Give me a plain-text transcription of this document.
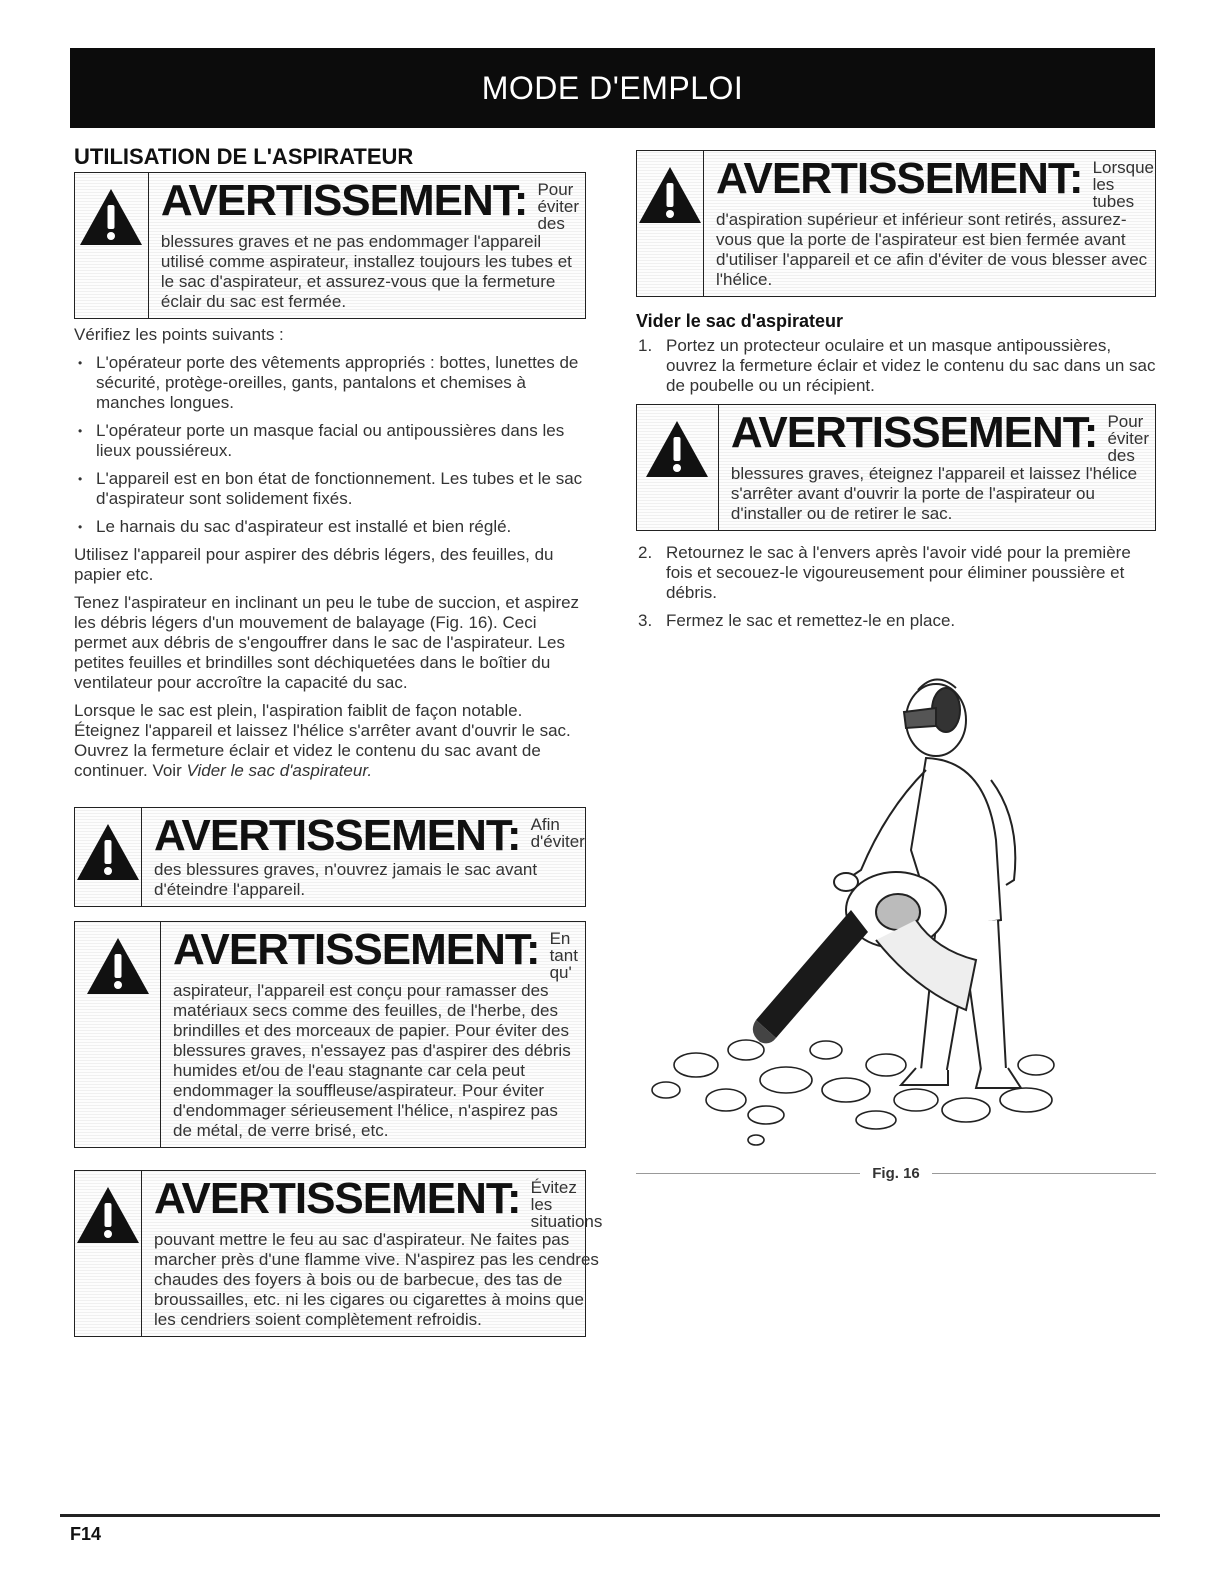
MODE D'EMPLOI
UTILISATION DE L'ASPIRATEUR
AVERTISSEMENT: Pour éviter des
blessures graves et ne pas endommager l'appareil utilisé comme aspirateur, installez toujours les tubes et le sac d'aspirateur, et assurez-vous que la fermeture éclair du sac est fermée.

Vérifiez les points suivants :

• L'opérateur porte des vêtements appropriés : bottes, lunettes de sécurité, protège-oreilles, gants, pantalons et chemises à manches longues.
• L'opérateur porte un masque facial ou antipoussières dans les lieux poussiéreux.
• L'appareil est en bon état de fonctionnement. Les tubes et le sac d'aspirateur sont solidement fixés.
• Le harnais du sac d'aspirateur est installé et bien réglé.

Utilisez l'appareil pour aspirer des débris légers, des feuilles, du papier etc.

Tenez l'aspirateur en inclinant un peu le tube de succion, et aspirez les débris légers d'un mouvement de balayage (Fig. 16). Ceci permet aux débris de s'engouffrer dans le sac de l'aspirateur. Les petites feuilles et brindilles sont déchiquetées dans le boîtier du ventilateur pour accroître la capacité du sac.

Lorsque le sac est plein, l'aspiration faiblit de façon notable. Éteignez l'appareil et laissez l'hélice s'arrêter avant d'ouvrir le sac. Ouvrez la fermeture éclair et videz le contenu du sac avant de continuer. Voir Vider le sac d'aspirateur.

AVERTISSEMENT: Afin d'éviter
des blessures graves, n'ouvrez jamais le sac avant d'éteindre l'appareil.
AVERTISSEMENT: En tant qu'
aspirateur, l'appareil est conçu pour ramasser des matériaux secs comme des feuilles, de l'herbe, des brindilles et des morceaux de papier. Pour éviter des blessures graves, n'essayez pas d'aspirer des débris humides et/ou de l'eau stagnante car cela peut endommager la souffleuse/aspirateur. Pour éviter d'endommager sérieusement l'hélice, n'aspirez pas de métal, de verre brisé, etc.
AVERTISSEMENT: Évitez les situations
pouvant mettre le feu au sac d'aspirateur. Ne faites pas marcher près d'une flamme vive. N'aspirez pas les cendres chaudes des foyers à bois ou de barbecue, des tas de broussailles, etc. ni les cigares ou cigarettes à moins que les cendriers soient complètement refroidis.
AVERTISSEMENT: Lorsque les tubes
d'aspiration supérieur et inférieur sont retirés, assurez-vous que la porte de l'aspirateur est bien fermée avant d'utiliser l'appareil et ce afin d'éviter de vous blesser avec l'hélice.
Vider le sac d'aspirateur
1. Portez un protecteur oculaire et un masque antipoussières, ouvrez la fermeture éclair et videz le contenu du sac dans un sac de poubelle ou un récipient.
AVERTISSEMENT: Pour éviter des
blessures graves, éteignez l'appareil et laissez l'hélice s'arrêter avant d'ouvrir la porte de l'aspirateur ou d'installer ou de retirer le sac.
2. Retournez le sac à l'envers après l'avoir vidé pour la première fois et secouez-le vigoureusement pour éliminer poussière et débris.
3. Fermez le sac et remettez-le en place.
Fig. 16
F14
